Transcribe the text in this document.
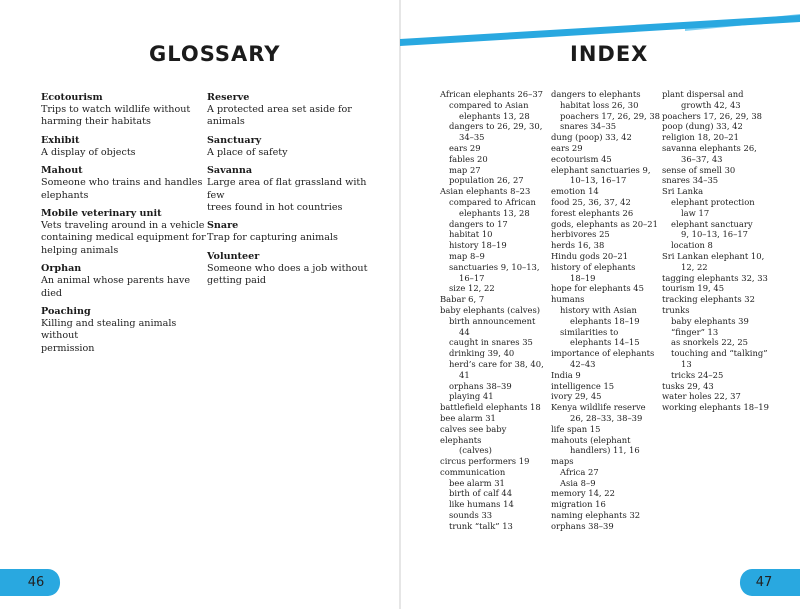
46	47
GLOSSARY	INDEX
Ecotourism
Trips to watch wildlife without
harming their habitats
Exhibit
A display of objects
Mahout
Someone who trains and handles
elephants
Mobile veterinary unit
Vets traveling around in a vehicle
containing medical equipment for
helping animals
Orphan
An animal whose parents have died
Poaching
Killing and stealing animals without
permission
Reserve
A protected area set aside for
animals
Sanctuary
A place of safety
Savanna
Large area of flat grassland with few
trees found in hot countries
Snare
Trap for capturing animals
Volunteer
Someone who does a job without
getting paid
African elephants 26–37
compared to Asian
elephants 13, 28
dangers to 26, 29, 30,
34–35
ears 29
fables 20
map 27
population 26, 27
Asian elephants 8–23
compared to African
elephants 13, 28
dangers to 17
habitat 10
history 18–19
map 8–9
sanctuaries 9, 10–13,
16–17
size 12, 22
Babar 6, 7
baby elephants (calves)
birth announcement
44
caught in snares 35
drinking 39, 40
herd’s care for 38, 40,
41
orphans 38–39
playing 41
battlefield elephants 18
bee alarm 31
calves see baby elephants
(calves)
circus performers 19
communication
bee alarm 31
birth of calf 44
like humans 14
sounds 33
trunk “talk” 13
dangers to elephants
habitat loss 26, 30
poachers 17, 26, 29, 38
snares 34–35
dung (poop) 33, 42
ears 29
ecotourism 45
elephant sanctuaries 9,
10–13, 16–17
emotion 14
food 25, 36, 37, 42
forest elephants 26
gods, elephants as 20–21
herbivores 25
herds 16, 38
Hindu gods 20–21
history of elephants
18–19
hope for elephants 45
humans
history with Asian
elephants 18–19
similarities to
elephants 14–15
importance of elephants
42–43
India 9
intelligence 15
ivory 29, 45
Kenya wildlife reserve
26, 28–33, 38–39
life span 15
mahouts (elephant
handlers) 11, 16
maps
Africa 27
Asia 8–9
memory 14, 22
migration 16
naming elephants 32
orphans 38–39
plant dispersal and
growth 42, 43
poachers 17, 26, 29, 38
poop (dung) 33, 42
religion 18, 20–21
savanna elephants 26,
36–37, 43
sense of smell 30
snares 34–35
Sri Lanka
elephant protection
law 17
elephant sanctuary
9, 10–13, 16–17
location 8
Sri Lankan elephant 10,
12, 22
tagging elephants 32, 33
tourism 19, 45
tracking elephants 32
trunks
baby elephants 39
“finger” 13
as snorkels 22, 25
touching and “talking”
13
tricks 24–25
tusks 29, 43
water holes 22, 37
working elephants 18–19
